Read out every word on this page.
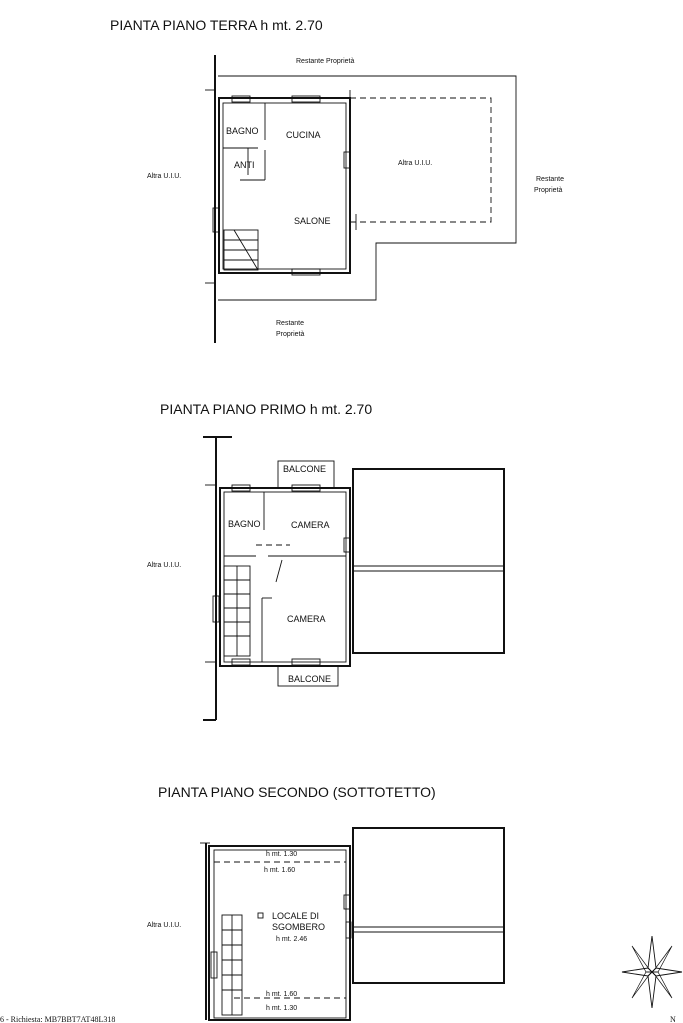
PIANTA PIANO TERRA h mt. 2.70
Restante Proprietà
Restante
Proprietà
Restante
Proprietà
Altra U.I.U.
Altra U.I.U.
BAGNO	CUCINA
ANTI
SALONE
PIANTA PIANO PRIMO h mt. 2.70
Altra U.I.U.
BALCONE
BAGNO	CAMERA
CAMERA
BALCONE
PIANTA PIANO SECONDO (SOTTOTETTO)
Altra U.I.U.
h mt. 1.30
h mt. 1.60
LOCALE DI
SGOMBERO
h mt. 2.46
h mt. 1.60
h mt. 1.30
6 - Richiesta: MB7BBT7AT48L318	N
